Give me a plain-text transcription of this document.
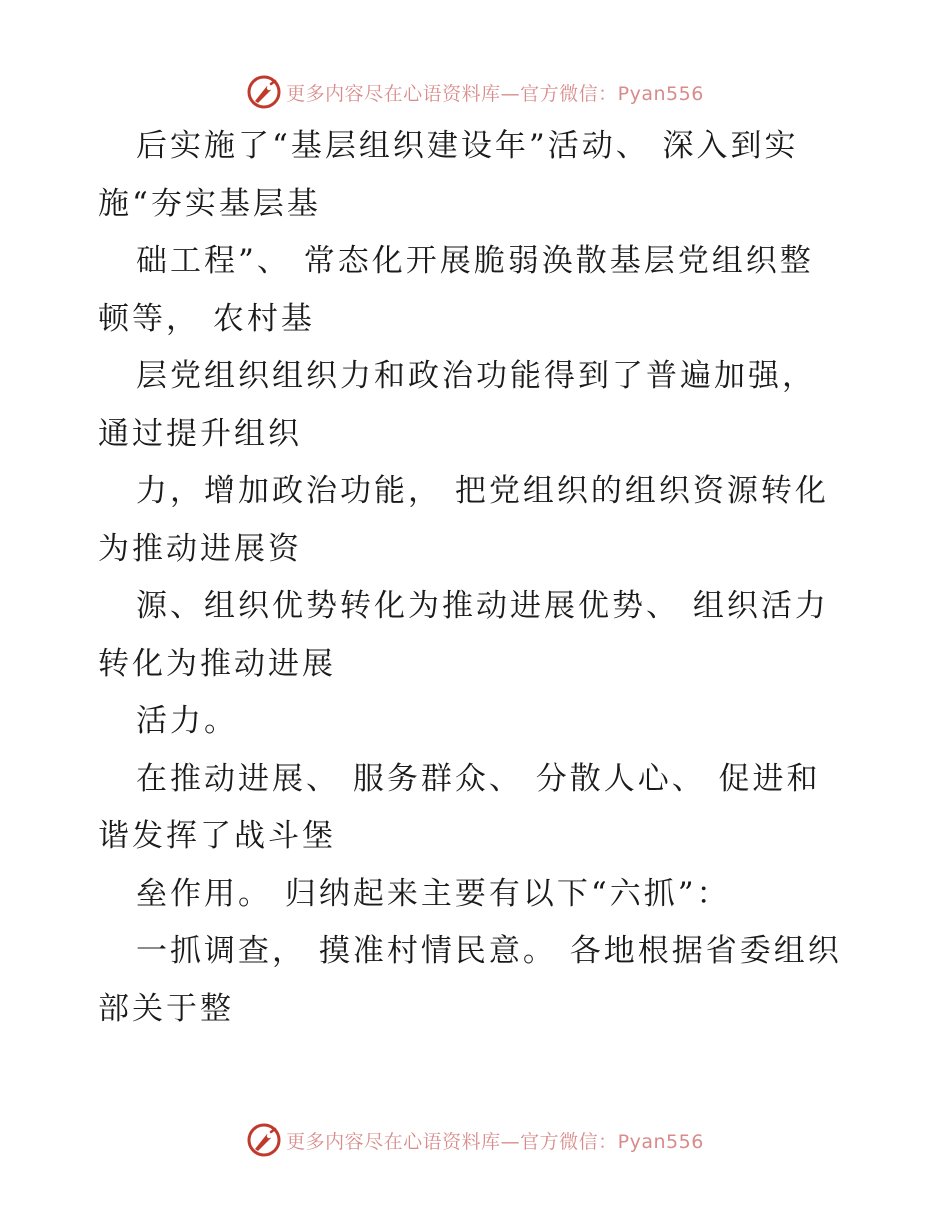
更多内容尽在心语资料库—官方微信：Pyan556
后实施了“基层组织建设年”活动、 深入到实
施“夯实基层基
础工程”、 常态化开展脆弱涣散基层党组织整
顿等， 农村基
层党组织组织力和政治功能得到了普遍加强，
通过提升组织
力，增加政治功能， 把党组织的组织资源转化
为推动进展资
源、组织优势转化为推动进展优势、 组织活力
转化为推动进展
活力。
在推动进展、 服务群众、 分散人心、 促进和
谐发挥了战斗堡
垒作用。 归纳起来主要有以下“六抓”：
一抓调查， 摸准村情民意。 各地根据省委组织
部关于整
更多内容尽在心语资料库—官方微信：Pyan556
